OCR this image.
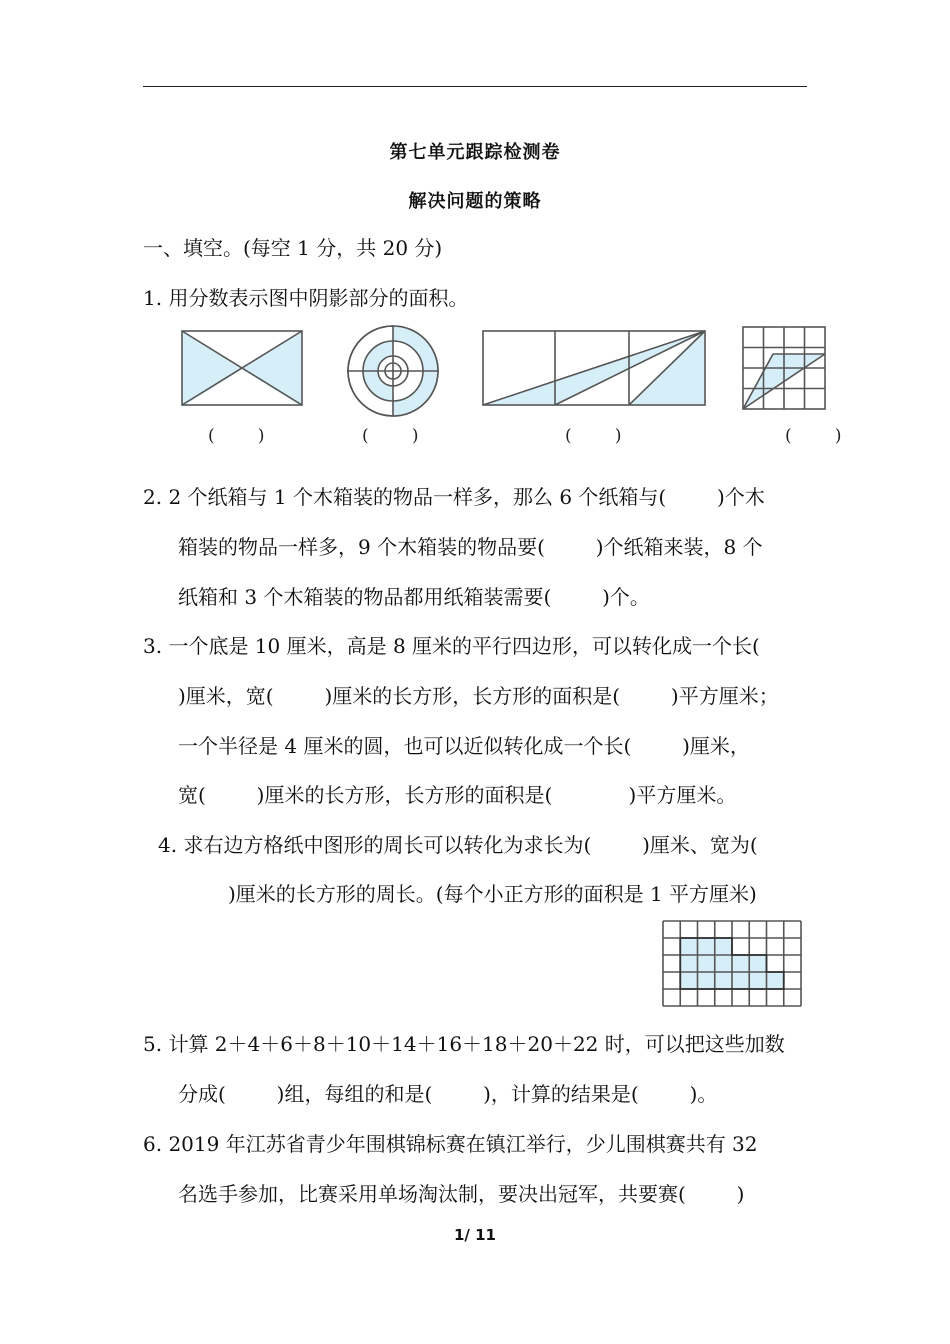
第七单元跟踪检测卷
解决问题的策略
一、填空。(每空 1 分，共 20 分)
1. 用分数表示图中阴影部分的面积。
(        )	(        )	(        )	(        )
2. 2 个纸箱与 1 个木箱装的物品一样多，那么 6 个纸箱与(        )个木
箱装的物品一样多，9 个木箱装的物品要(        )个纸箱来装，8 个
纸箱和 3 个木箱装的物品都用纸箱装需要(        )个。
3. 一个底是 10 厘米，高是 8 厘米的平行四边形，可以转化成一个长(
)厘米，宽(        )厘米的长方形，长方形的面积是(        )平方厘米；
一个半径是 4 厘米的圆，也可以近似转化成一个长(        )厘米，
宽(        )厘米的长方形，长方形的面积是(            )平方厘米。
4. 求右边方格纸中图形的周长可以转化为求长为(        )厘米、宽为(
)厘米的长方形的周长。(每个小正方形的面积是 1 平方厘米)
5. 计算 2＋4＋6＋8＋10＋14＋16＋18＋20＋22 时，可以把这些加数
分成(        )组，每组的和是(        )，计算的结果是(        )。
6. 2019 年江苏省青少年围棋锦标赛在镇江举行，少儿围棋赛共有 32
名选手参加，比赛采用单场淘汰制，要决出冠军，共要赛(        )
1/ 11
